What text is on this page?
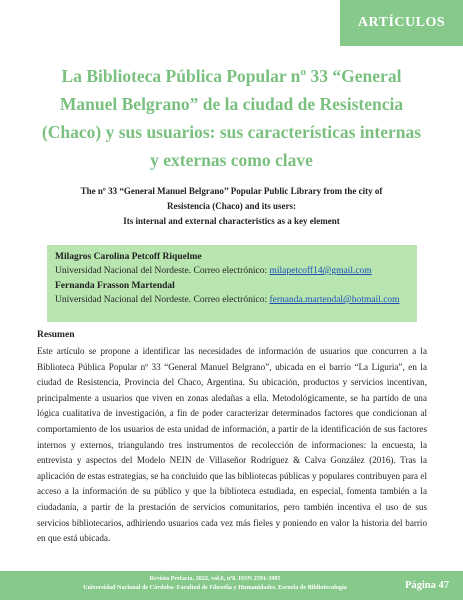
ARTÍCULOS
La Biblioteca Pública Popular nº 33 “General Manuel Belgrano” de la ciudad de Resistencia (Chaco) y sus usuarios: sus características internas y externas como clave
The nº 33 “General Manuel Belgrano’’ Popular Public Library from the city of
Resistencia (Chaco) and its users:
Its internal and external characteristics as a key element
Milagros Carolina Petcoff Riquelme
Universidad Nacional del Nordeste. Correo electrónico: milapetcoff14@gmail.com
Fernanda Frasson Martendal
Universidad Nacional del Nordeste. Correo electrónico: fernanda.martendal@hotmail.com
Resumen

Este artículo se propone a identificar las necesidades de información de usuarios que concurren a la Biblioteca Pública Popular nº 33 “General Manuel Belgrano”, ubicada en el barrio “La Liguria”, en la ciudad de Resistencia, Provincia del Chaco, Argentina. Su ubicación, productos y servicios incentivan, principalmente a usuarios que viven en zonas aledañas a ella. Metodológicamente, se ha partido de una lógica cualitativa de investigación, a fin de poder caracterizar determinados factores que condicionan al comportamiento de los usuarios de esta unidad de información, a partir de la identificación de sus factores internos y externos, triangulando tres instrumentos de recolección de informaciones: la encuesta, la entrevista y aspectos del Modelo NEIN de Villaseñor Rodríguez & Calva González (2016). Tras la aplicación de estas estrategias, se ha concluido que las bibliotecas públicas y populares contribuyen para el acceso a la información de su público y que la biblioteca estudiada, en especial, fomenta también a la ciudadanía, a partir de la prestación de servicios comunitarios, pero también incentiva el uso de sus servicios bibliotecarios, adhiriendo usuarios cada vez más fieles y poniendo en valor la historia del barrio en que está ubicada.

Revista Prefacio, 2022, vol.6, nº8. ISSN 2591-3905
Universidad Nacional de Córdoba- Facultad de Filosofía y Humanidades. Escuela de Bibliotecología	Página 47
